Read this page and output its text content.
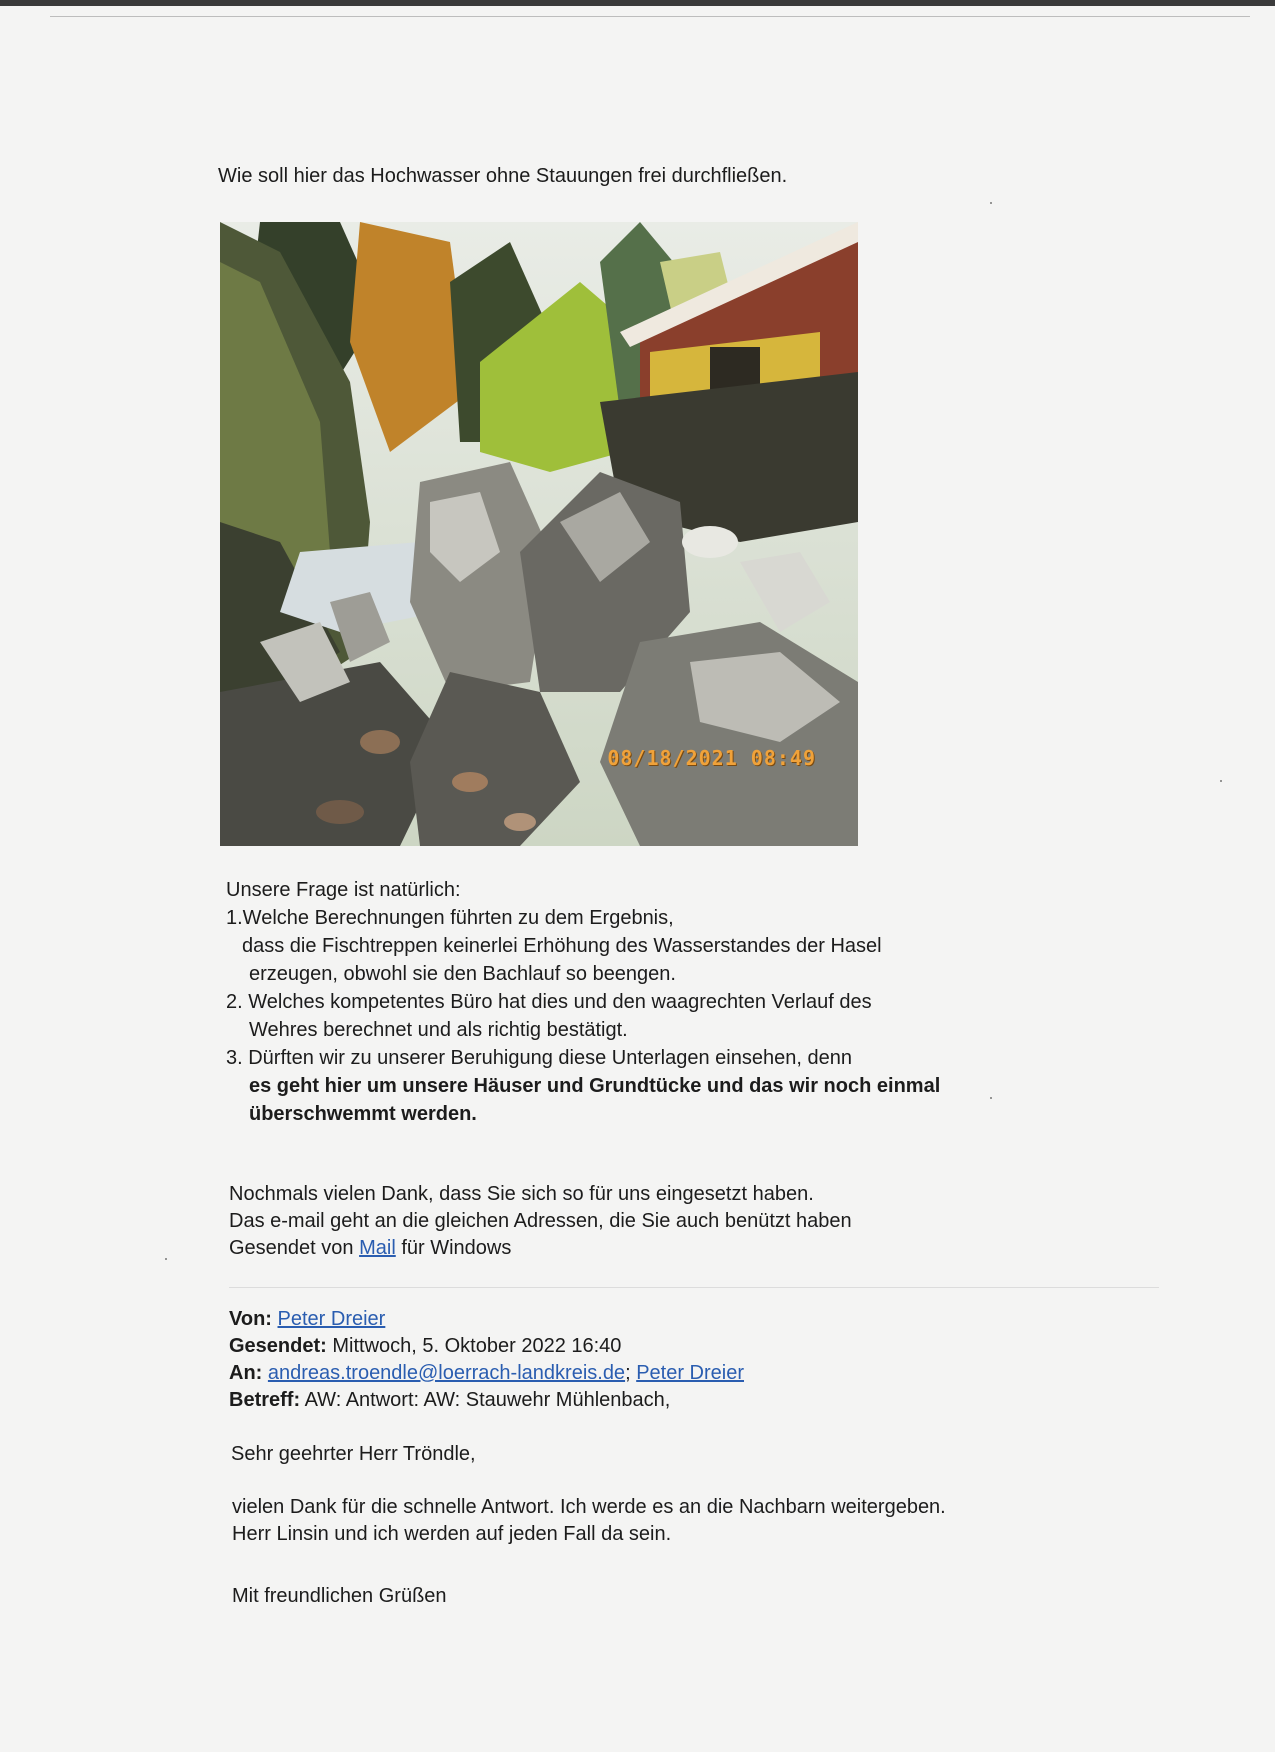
Wie soll hier das Hochwasser ohne Stauungen frei durchfließen.
08/18/2021 08:49
Unsere Frage ist natürlich:
1.Welche Berechnungen führten zu dem Ergebnis,
dass die Fischtreppen keinerlei Erhöhung des Wasserstandes der Hasel
erzeugen, obwohl sie den Bachlauf so beengen.
2. Welches kompetentes Büro hat dies und den waagrechten Verlauf des
Wehres berechnet und als richtig bestätigt.
3. Dürften wir zu unserer Beruhigung diese Unterlagen einsehen, denn
es geht hier um unsere Häuser und Grundtücke und das wir noch einmal
überschwemmt werden.
Nochmals vielen Dank, dass Sie sich so für uns eingesetzt haben.
Das e-mail geht an die gleichen Adressen, die Sie auch benützt haben
Gesendet von Mail für Windows
Von: Peter Dreier
Gesendet: Mittwoch, 5. Oktober 2022 16:40
An: andreas.troendle@loerrach-landkreis.de; Peter Dreier
Betreff: AW: Antwort: AW: Stauwehr Mühlenbach,
Sehr geehrter Herr Tröndle,
vielen Dank für die schnelle Antwort. Ich werde es an die Nachbarn weitergeben.
Herr Linsin und ich werden auf jeden Fall da sein.
Mit freundlichen Grüßen
